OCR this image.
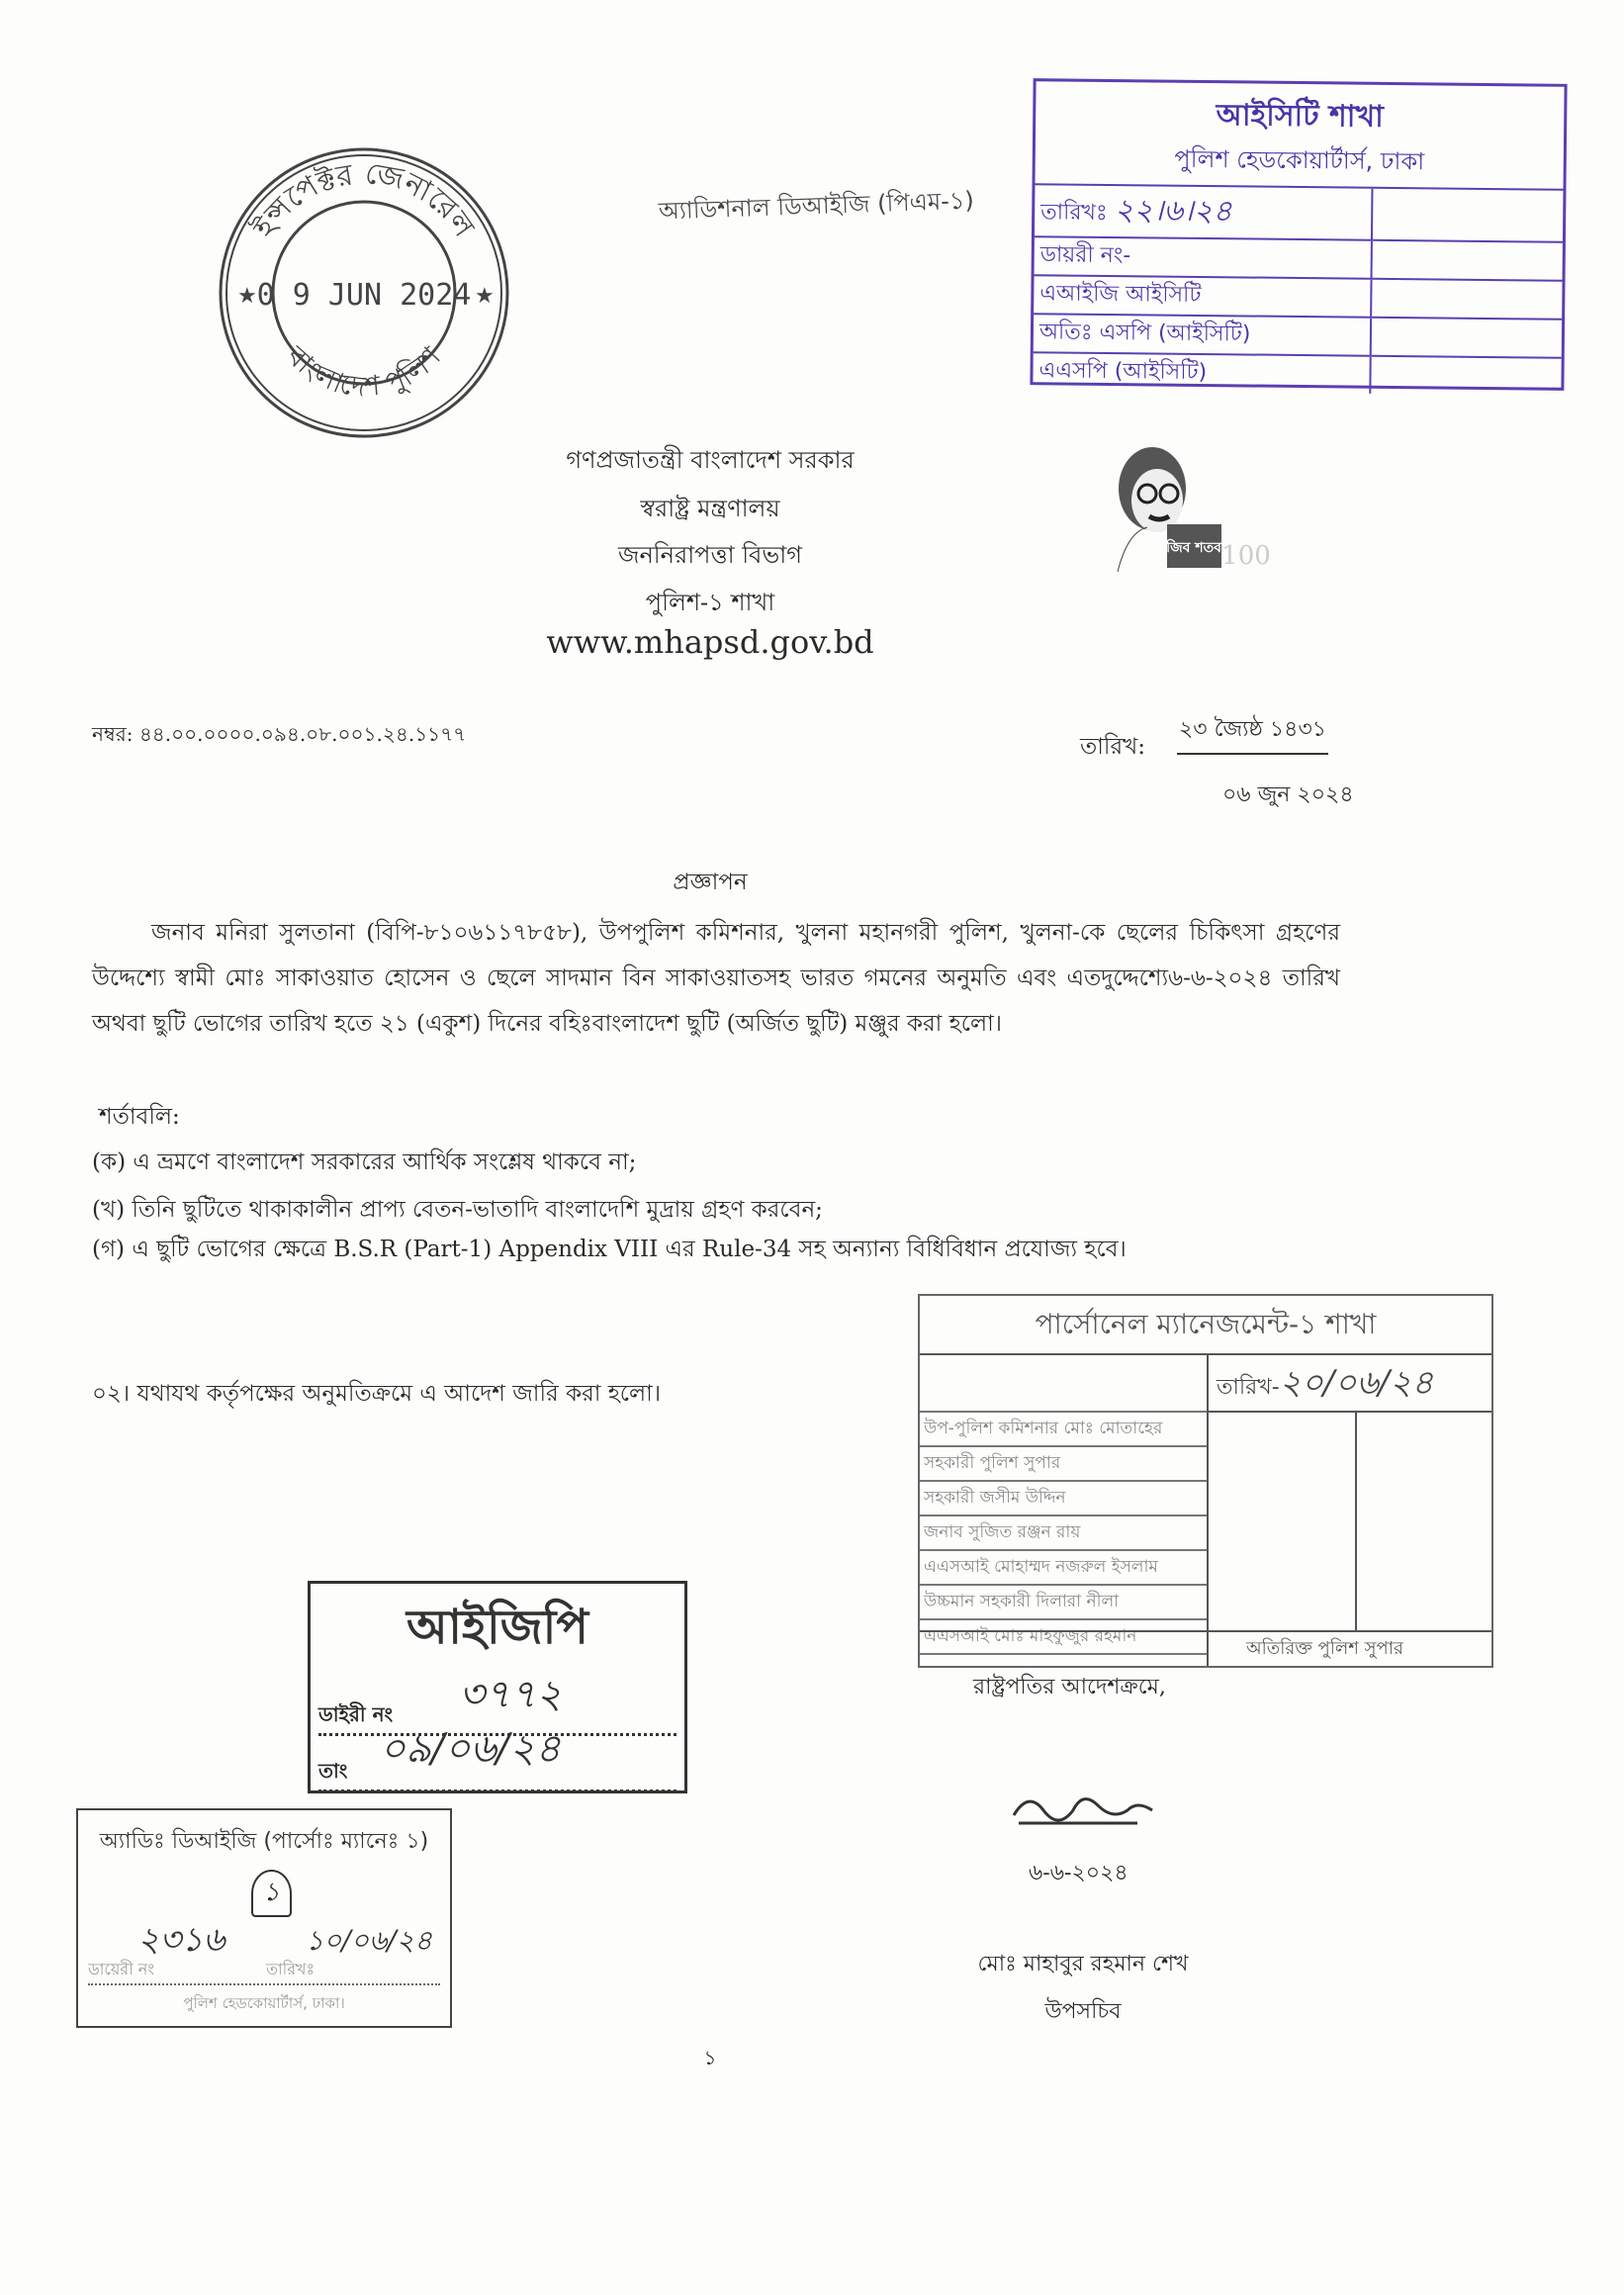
ইন্সপেক্টর জেনারেল
বাংলাদেশ পুলিশ
0 9 JUN 2024
★	★
অ্যাডিশনাল ডিআইজি (পিএম-১)
আইসিটি শাখা
পুলিশ হেডকোয়ার্টার্স, ঢাকা
তারিখঃ ২২।৬।২৪	
ডায়রী নং-	
এআইজি আইসিটি	
অতিঃ এসপি (আইসিটি)	
এএসপি (আইসিটি)	
গণপ্রজাতন্ত্রী বাংলাদেশ সরকার
স্বরাষ্ট্র মন্ত্রণালয়
জননিরাপত্তা বিভাগ
পুলিশ-১ শাখা
www.mhapsd.gov.bd
মুজিব শতবর্ষ
100
নম্বর: ৪৪.০০.০০০০.০৯৪.০৮.০০১.২৪.১১৭৭	তারিখ:
২৩ জ্যৈষ্ঠ ১৪৩১
০৬ জুন ২০২৪
প্রজ্ঞাপন
জনাব মনিরা সুলতানা (বিপি-৮১০৬১১৭৮৫৮), উপপুলিশ কমিশনার, খুলনা মহানগরী পুলিশ, খুলনা-কে ছেলের চিকিৎসা গ্রহণের উদ্দেশ্যে স্বামী মোঃ সাকাওয়াত হোসেন ও ছেলে সাদমান বিন সাকাওয়াতসহ ভারত গমনের অনুমতি এবং এতদুদ্দেশ্যে৬-৬-২০২৪ তারিখ অথবা ছুটি ভোগের তারিখ হতে ২১ (একুশ) দিনের বহিঃবাংলাদেশ ছুটি (অর্জিত ছুটি) মঞ্জুর করা হলো।
শর্তাবলি:
(ক) এ ভ্রমণে বাংলাদেশ সরকারের আর্থিক সংশ্লেষ থাকবে না;
(খ) তিনি ছুটিতে থাকাকালীন প্রাপ্য বেতন-ভাতাদি বাংলাদেশি মুদ্রায় গ্রহণ করবেন;
(গ) এ ছুটি ভোগের ক্ষেত্রে B.S.R (Part-1) Appendix VIII এর Rule-34 সহ অন্যান্য বিধিবিধান প্রযোজ্য হবে।
০২। যথাযথ কর্তৃপক্ষের অনুমতিক্রমে এ আদেশ জারি করা হলো।
পার্সোনেল ম্যানেজমেন্ট-১ শাখা
তারিখ-২০/০৬/২৪
উপ-পুলিশ কমিশনার মোঃ মোতাহের
সহকারী পুলিশ সুপার
সহকারী জসীম উদ্দিন
জনাব সুজিত রঞ্জন রায়
এএসআই মোহাম্মদ নজরুল ইসলাম
উচ্চমান সহকারী দিলারা নীলা
এএসআই মোঃ মাহফুজুর রহমান
অতিরিক্ত পুলিশ সুপার
রাষ্ট্রপতির আদেশক্রমে,
৬-৬-২০২৪
মোঃ মাহাবুর রহমান শেখ
উপসচিব
আইজিপি
ডাইরী নং	৩৭৭২
তাং ০৯/০৬/২৪
অ্যাডিঃ ডিআইজি (পার্সোঃ ম্যানেঃ ১)
১
২৩১৬	১০/০৬/২৪
ডায়েরী নং	তারিখঃ
পুলিশ হেডকোয়ার্টার্স, ঢাকা।
১
